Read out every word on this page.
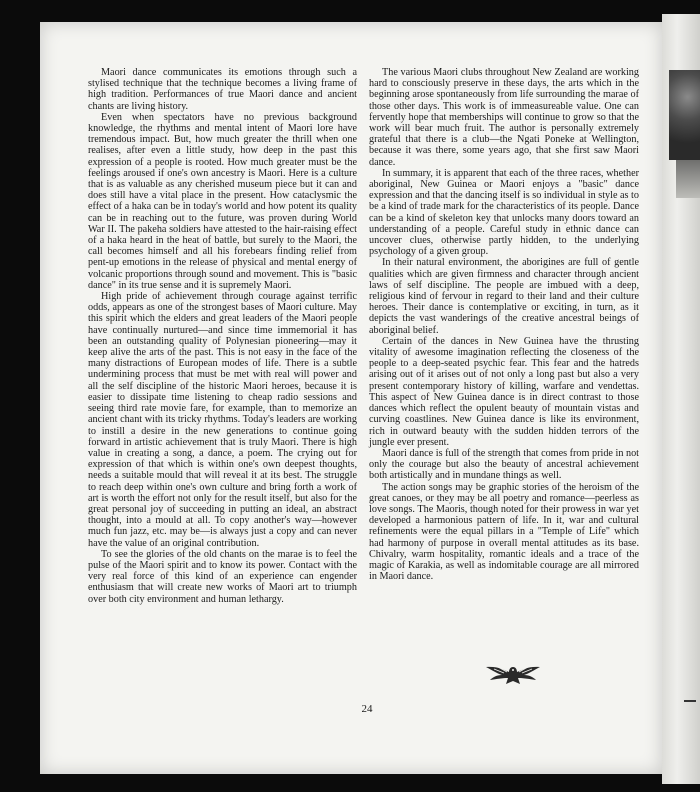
Maori dance communicates its emotions through such a stylised technique that the technique becomes a living frame of high tradition. Performances of true Maori dance and ancient chants are living history.

Even when spectators have no previous background knowledge, the rhythms and mental intent of Maori lore have tremendous impact. But, how much greater the thrill when one realises, after even a little study, how deep in the past this expression of a people is rooted. How much greater must be the feelings aroused if one's own ancestry is Maori. Here is a culture that is as valuable as any cherished museum piece but it can and does still have a vital place in the present. How cataclysmic the effect of a haka can be in today's world and how potent its quality can be in reaching out to the future, was proven during World War II. The pakeha soldiers have attested to the hair-raising effect of a haka heard in the heat of battle, but surely to the Maori, the call becomes himself and all his forebears finding relief from pent-up emotions in the release of physical and mental energy of volcanic proportions through sound and movement. This is "basic dance" in its true sense and it is supremely Maori.

High pride of achievement through courage against terrific odds, appears as one of the strongest bases of Maori culture. May this spirit which the elders and great leaders of the Maori people have continually nurtured—and since time immemorial it has been an outstanding quality of Polynesian pioneering—may it keep alive the arts of the past. This is not easy in the face of the many distractions of European modes of life. There is a subtle undermining process that must be met with real will power and all the self discipline of the historic Maori heroes, because it is easier to dissipate time listening to cheap radio sessions and seeing third rate movie fare, for example, than to memorize an ancient chant with its tricky rhythms. Today's leaders are working to instill a desire in the new generations to continue going forward in artistic achievement that is truly Maori. There is high value in creating a song, a dance, a poem. The crying out for expression of that which is within one's own deepest thoughts, needs a suitable mould that will reveal it at its best. The struggle to reach deep within one's own culture and bring forth a work of art is worth the effort not only for the result itself, but also for the great personal joy of succeeding in putting an ideal, an abstract thought, into a mould at all. To copy another's way—however much fun jazz, etc. may be—is always just a copy and can never have the value of an original contribution.

To see the glories of the old chants on the marae is to feel the pulse of the Maori spirit and to know its power. Contact with the very real force of this kind of an experience can engender enthusiasm that will create new works of Maori art to triumph over both city environment and human lethargy.

The various Maori clubs throughout New Zealand are working hard to consciously preserve in these days, the arts which in the beginning arose spontaneously from life surrounding the marae of those other days. This work is of immeasureable value. One can fervently hope that memberships will continue to grow so that the work will bear much fruit. The author is personally extremely grateful that there is a club—the Ngati Poneke at Wellington, because it was there, some years ago, that she first saw Maori dance.

In summary, it is apparent that each of the three races, whether aboriginal, New Guinea or Maori enjoys a "basic" dance expression and that the dancing itself is so individual in style as to be a kind of trade mark for the characteristics of its people. Dance can be a kind of skeleton key that unlocks many doors toward an understanding of a people. Careful study in ethnic dance can uncover clues, otherwise partly hidden, to the underlying psychology of a given group.

In their natural environment, the aborigines are full of gentle qualities which are given firmness and character through ancient laws of self discipline. The people are imbued with a deep, religious kind of fervour in regard to their land and their culture heroes. Their dance is contemplative or exciting, in turn, as it depicts the vast wanderings of the creative ancestral beings of aboriginal belief.

Certain of the dances in New Guinea have the thrusting vitality of awesome imagination reflecting the closeness of the people to a deep-seated psychic fear. This fear and the hatreds arising out of it arises out of not only a long past but also a very present contemporary history of killing, warfare and vendettas. This aspect of New Guinea dance is in direct contrast to those dances which reflect the opulent beauty of mountain vistas and curving coastlines. New Guinea dance is like its environment, rich in outward beauty with the sudden hidden terrors of the jungle ever present.

Maori dance is full of the strength that comes from pride in not only the courage but also the beauty of ancestral achievement both artistically and in mundane things as well.

The action songs may be graphic stories of the heroism of the great canoes, or they may be all poetry and romance—peerless as love songs. The Maoris, though noted for their prowess in war yet developed a harmonious pattern of life. In it, war and cultural refinements were the equal pillars in a "Temple of Life" which had harmony of purpose in overall mental attitudes as its base. Chivalry, warm hospitality, romantic ideals and a trace of the magic of Karakia, as well as indomitable courage are all mirrored in Maori dance.

24
